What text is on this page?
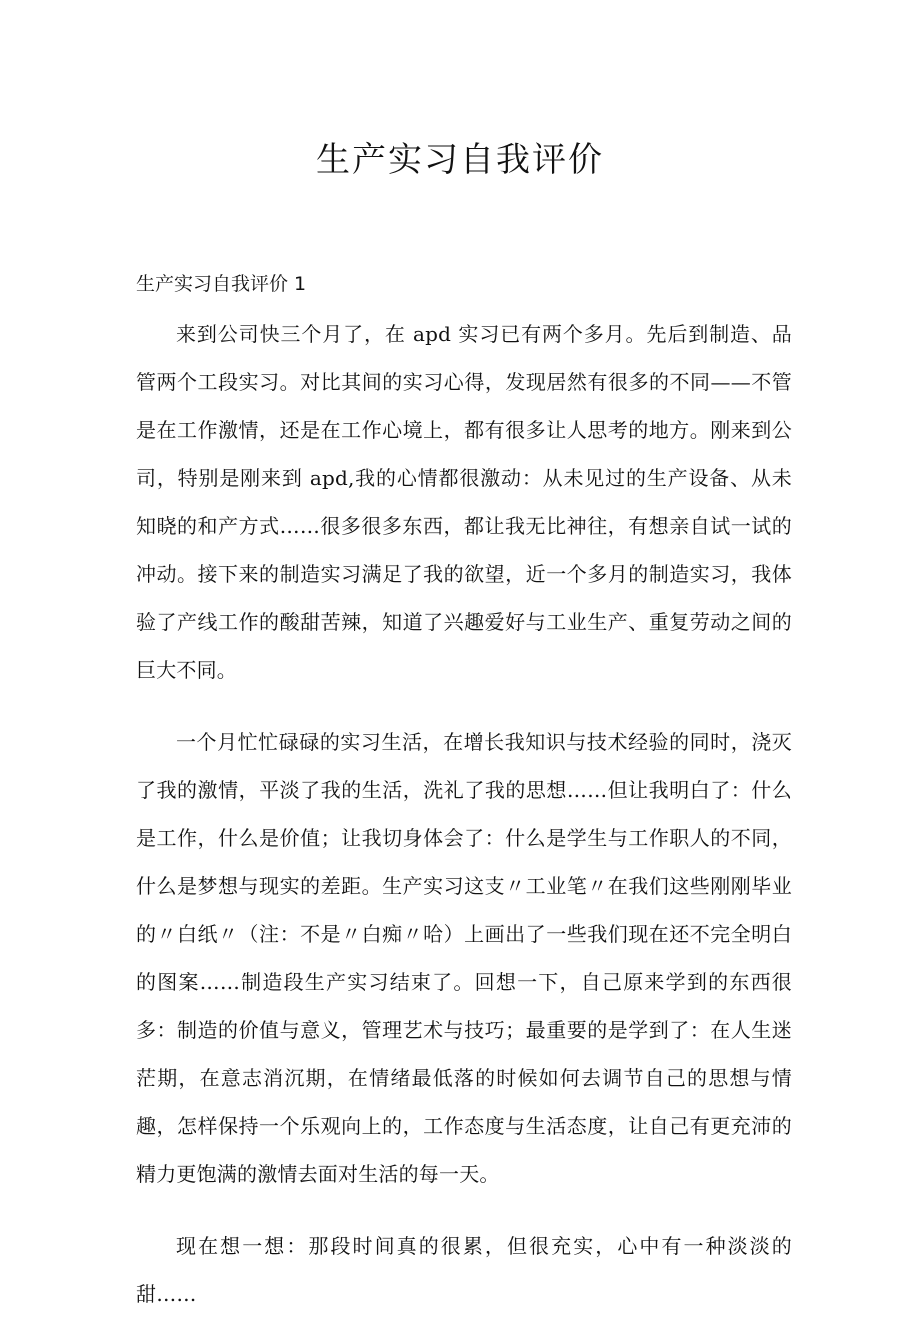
生产实习自我评价
生产实习自我评价 1

来到公司快三个月了，在 apd 实习已有两个多月。先后到制造、品管两个工段实习。对比其间的实习心得，发现居然有很多的不同——不管是在工作激情，还是在工作心境上，都有很多让人思考的地方。刚来到公司，特别是刚来到 apd,我的心情都很激动：从未见过的生产设备、从未知晓的和产方式……很多很多东西，都让我无比神往，有想亲自试一试的冲动。接下来的制造实习满足了我的欲望，近一个多月的制造实习，我体验了产线工作的酸甜苦辣，知道了兴趣爱好与工业生产、重复劳动之间的巨大不同。

一个月忙忙碌碌的实习生活，在增长我知识与技术经验的同时，浇灭了我的激情，平淡了我的生活，洗礼了我的思想……但让我明白了：什么是工作，什么是价值；让我切身体会了：什么是学生与工作职人的不同，什么是梦想与现实的差距。生产实习这支〃工业笔〃在我们这些刚刚毕业的〃白纸〃（注：不是〃白痴〃哈）上画出了一些我们现在还不完全明白的图案……制造段生产实习结束了。回想一下，自己原来学到的东西很多：制造的价值与意义，管理艺术与技巧；最重要的是学到了：在人生迷茫期，在意志消沉期，在情绪最低落的时候如何去调节自己的思想与情趣，怎样保持一个乐观向上的，工作态度与生活态度，让自己有更充沛的精力更饱满的激情去面对生活的每一天。

现在想一想：那段时间真的很累，但很充实，心中有一种淡淡的甜……
